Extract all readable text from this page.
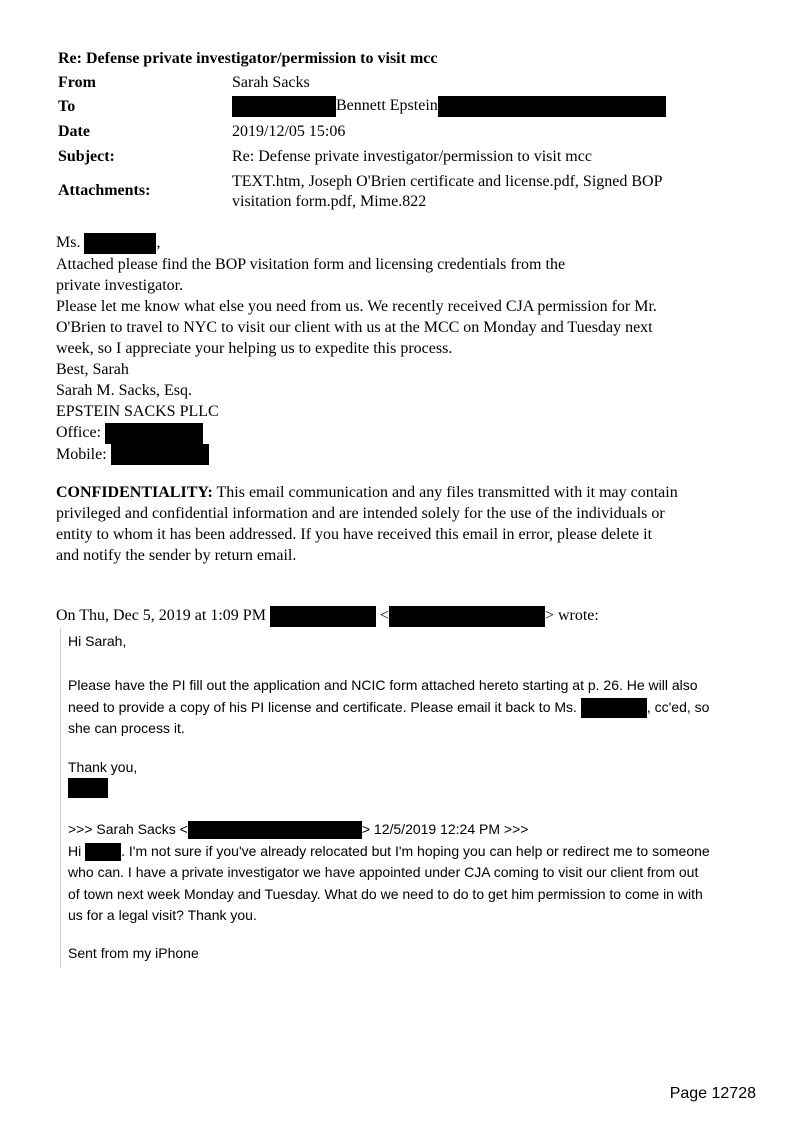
Re: Defense private investigator/permission to visit mcc
From	Sarah Sacks
To	Bennett Epstein
Date	2019/12/05 15:06
Subject:	Re: Defense private investigator/permission to visit mcc
Attachments:
TEXT.htm, Joseph O'Brien certificate and license.pdf, Signed BOP
visitation form.pdf, Mime.822
Ms.	,
Attached please find the BOP visitation form and licensing credentials from the
private investigator.
Please let me know what else you need from us. We recently received CJA permission for Mr.
O'Brien to travel to NYC to visit our client with us at the MCC on Monday and Tuesday next
week, so I appreciate your helping us to expedite this process.
Best, Sarah
Sarah M. Sacks, Esq.
EPSTEIN SACKS PLLC
Office:
Mobile:
CONFIDENTIALITY: This email communication and any files transmitted with it may contain
privileged and confidential information and are intended solely for the use of the individuals or
entity to whom it has been addressed. If you have received this email in error, please delete it
and notify the sender by return email.
On Thu, Dec 5, 2019 at 1:09 PM	<	> wrote:
Hi Sarah,
Please have the PI fill out the application and NCIC form attached hereto starting at p. 26. He will also
need to provide a copy of his PI license and certificate. Please email it back to Ms.	, cc'ed, so
she can process it.
Thank you,
>>> Sarah Sacks <	> 12/5/2019 12:24 PM >>>
Hi	. I'm not sure if you've already relocated but I'm hoping you can help or redirect me to someone
who can. I have a private investigator we have appointed under CJA coming to visit our client from out
of town next week Monday and Tuesday. What do we need to do to get him permission to come in with
us for a legal visit? Thank you.
Sent from my iPhone
Page 12728
